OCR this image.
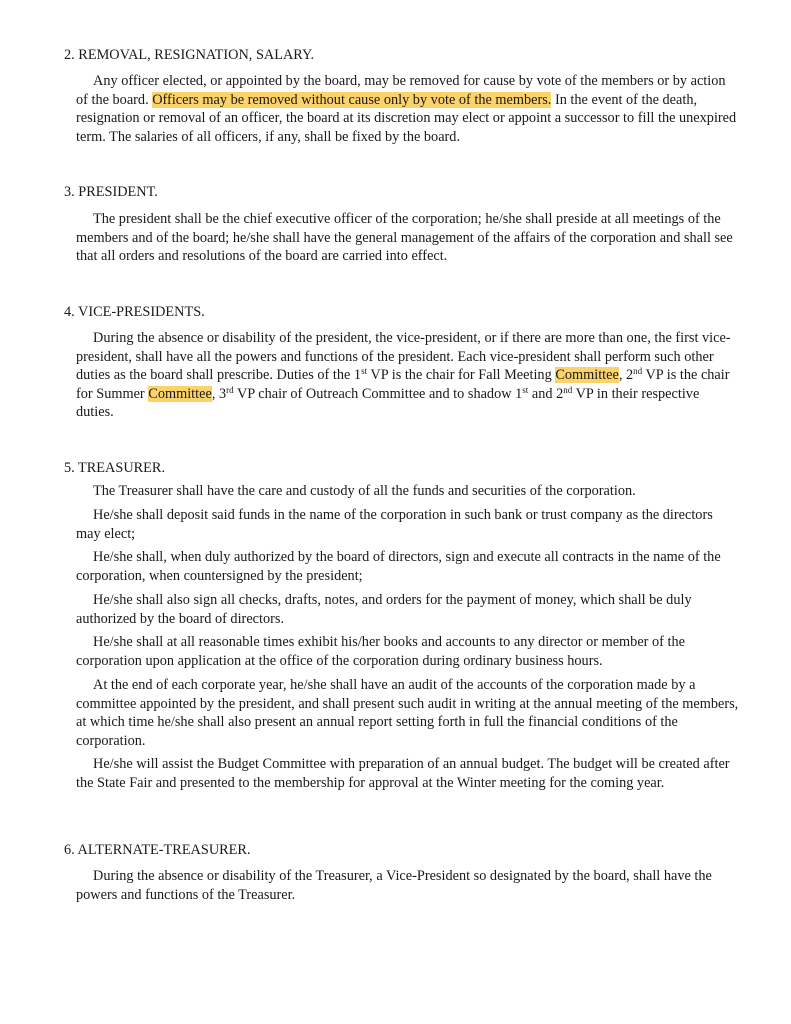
2. REMOVAL, RESIGNATION, SALARY.

Any officer elected, or appointed by the board, may be removed for cause by vote of the members or by action of the board. Officers may be removed without cause only by vote of the members. In the event of the death, resignation or removal of an officer, the board at its discretion may elect or appoint a successor to fill the unexpired term. The salaries of all officers, if any, shall be fixed by the board.

3. PRESIDENT.

The president shall be the chief executive officer of the corporation; he/she shall preside at all meetings of the members and of the board; he/she shall have the general management of the affairs of the corporation and shall see that all orders and resolutions of the board are carried into effect.

4. VICE-PRESIDENTS.

During the absence or disability of the president, the vice-president, or if there are more than one, the first vice-president, shall have all the powers and functions of the president. Each vice-president shall perform such other duties as the board shall prescribe. Duties of the 1st VP is the chair for Fall Meeting Committee, 2nd VP is the chair for Summer Committee, 3rd VP chair of Outreach Committee and to shadow 1st and 2nd VP in their respective duties.

5. TREASURER.

The Treasurer shall have the care and custody of all the funds and securities of the corporation.

He/she shall deposit said funds in the name of the corporation in such bank or trust company as the directors may elect;

He/she shall, when duly authorized by the board of directors, sign and execute all contracts in the name of the corporation, when countersigned by the president;

He/she shall also sign all checks, drafts, notes, and orders for the payment of money, which shall be duly authorized by the board of directors.

He/she shall at all reasonable times exhibit his/her books and accounts to any director or member of the corporation upon application at the office of the corporation during ordinary business hours.

At the end of each corporate year, he/she shall have an audit of the accounts of the corporation made by a committee appointed by the president, and shall present such audit in writing at the annual meeting of the members, at which time he/she shall also present an annual report setting forth in full the financial conditions of the corporation.

He/she will assist the Budget Committee with preparation of an annual budget. The budget will be created after the State Fair and presented to the membership for approval at the Winter meeting for the coming year.

6. ALTERNATE-TREASURER.

During the absence or disability of the Treasurer, a Vice-President so designated by the board, shall have the powers and functions of the Treasurer.
